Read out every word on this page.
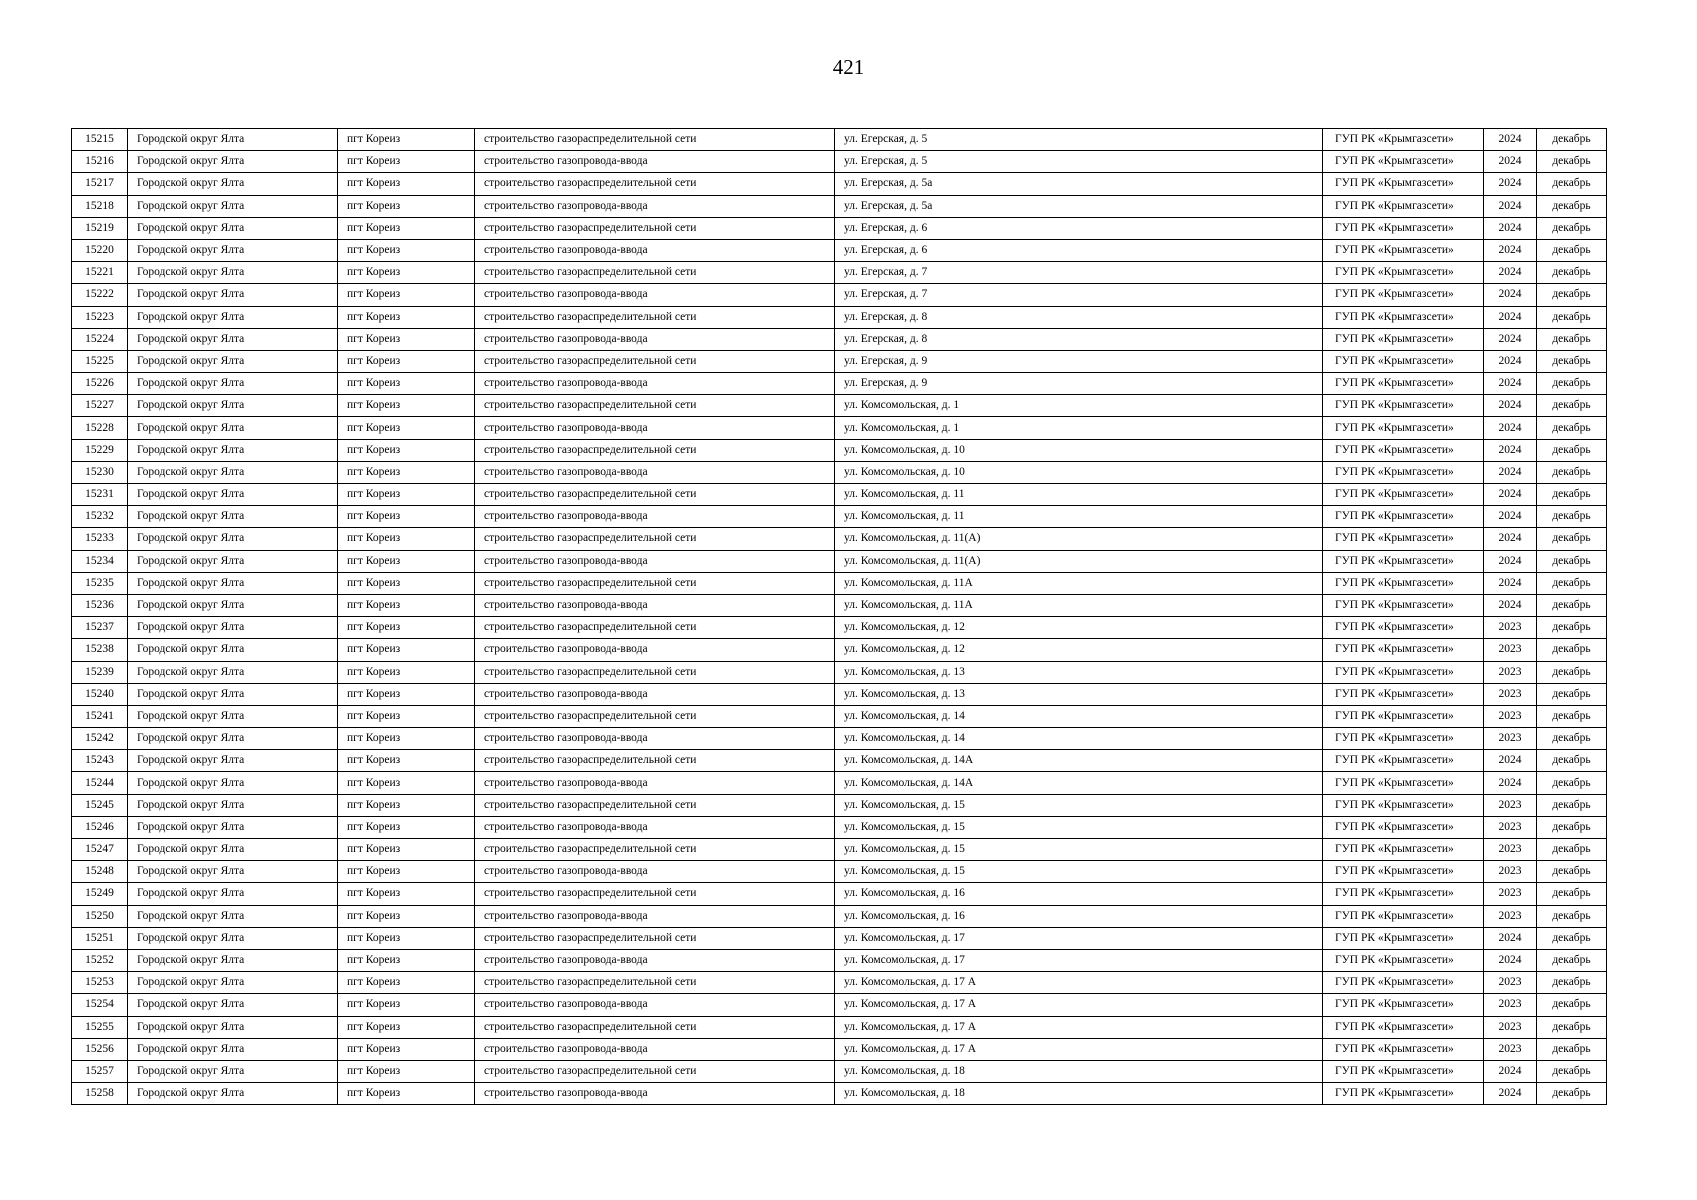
421
15215	Городской округ Ялта	пгт Кореиз	строительство газораспределительной сети	ул. Егерская, д. 5	ГУП РК «Крымгазсети»	2024	декабрь
15216	Городской округ Ялта	пгт Кореиз	строительство газопровода-ввода	ул. Егерская, д. 5	ГУП РК «Крымгазсети»	2024	декабрь
15217	Городской округ Ялта	пгт Кореиз	строительство газораспределительной сети	ул. Егерская, д. 5а	ГУП РК «Крымгазсети»	2024	декабрь
15218	Городской округ Ялта	пгт Кореиз	строительство газопровода-ввода	ул. Егерская, д. 5а	ГУП РК «Крымгазсети»	2024	декабрь
15219	Городской округ Ялта	пгт Кореиз	строительство газораспределительной сети	ул. Егерская, д. 6	ГУП РК «Крымгазсети»	2024	декабрь
15220	Городской округ Ялта	пгт Кореиз	строительство газопровода-ввода	ул. Егерская, д. 6	ГУП РК «Крымгазсети»	2024	декабрь
15221	Городской округ Ялта	пгт Кореиз	строительство газораспределительной сети	ул. Егерская, д. 7	ГУП РК «Крымгазсети»	2024	декабрь
15222	Городской округ Ялта	пгт Кореиз	строительство газопровода-ввода	ул. Егерская, д. 7	ГУП РК «Крымгазсети»	2024	декабрь
15223	Городской округ Ялта	пгт Кореиз	строительство газораспределительной сети	ул. Егерская, д. 8	ГУП РК «Крымгазсети»	2024	декабрь
15224	Городской округ Ялта	пгт Кореиз	строительство газопровода-ввода	ул. Егерская, д. 8	ГУП РК «Крымгазсети»	2024	декабрь
15225	Городской округ Ялта	пгт Кореиз	строительство газораспределительной сети	ул. Егерская, д. 9	ГУП РК «Крымгазсети»	2024	декабрь
15226	Городской округ Ялта	пгт Кореиз	строительство газопровода-ввода	ул. Егерская, д. 9	ГУП РК «Крымгазсети»	2024	декабрь
15227	Городской округ Ялта	пгт Кореиз	строительство газораспределительной сети	ул. Комсомольская, д. 1	ГУП РК «Крымгазсети»	2024	декабрь
15228	Городской округ Ялта	пгт Кореиз	строительство газопровода-ввода	ул. Комсомольская, д. 1	ГУП РК «Крымгазсети»	2024	декабрь
15229	Городской округ Ялта	пгт Кореиз	строительство газораспределительной сети	ул. Комсомольская, д. 10	ГУП РК «Крымгазсети»	2024	декабрь
15230	Городской округ Ялта	пгт Кореиз	строительство газопровода-ввода	ул. Комсомольская, д. 10	ГУП РК «Крымгазсети»	2024	декабрь
15231	Городской округ Ялта	пгт Кореиз	строительство газораспределительной сети	ул. Комсомольская, д. 11	ГУП РК «Крымгазсети»	2024	декабрь
15232	Городской округ Ялта	пгт Кореиз	строительство газопровода-ввода	ул. Комсомольская, д. 11	ГУП РК «Крымгазсети»	2024	декабрь
15233	Городской округ Ялта	пгт Кореиз	строительство газораспределительной сети	ул. Комсомольская, д. 11(А)	ГУП РК «Крымгазсети»	2024	декабрь
15234	Городской округ Ялта	пгт Кореиз	строительство газопровода-ввода	ул. Комсомольская, д. 11(А)	ГУП РК «Крымгазсети»	2024	декабрь
15235	Городской округ Ялта	пгт Кореиз	строительство газораспределительной сети	ул. Комсомольская, д. 11А	ГУП РК «Крымгазсети»	2024	декабрь
15236	Городской округ Ялта	пгт Кореиз	строительство газопровода-ввода	ул. Комсомольская, д. 11А	ГУП РК «Крымгазсети»	2024	декабрь
15237	Городской округ Ялта	пгт Кореиз	строительство газораспределительной сети	ул. Комсомольская, д. 12	ГУП РК «Крымгазсети»	2023	декабрь
15238	Городской округ Ялта	пгт Кореиз	строительство газопровода-ввода	ул. Комсомольская, д. 12	ГУП РК «Крымгазсети»	2023	декабрь
15239	Городской округ Ялта	пгт Кореиз	строительство газораспределительной сети	ул. Комсомольская, д. 13	ГУП РК «Крымгазсети»	2023	декабрь
15240	Городской округ Ялта	пгт Кореиз	строительство газопровода-ввода	ул. Комсомольская, д. 13	ГУП РК «Крымгазсети»	2023	декабрь
15241	Городской округ Ялта	пгт Кореиз	строительство газораспределительной сети	ул. Комсомольская, д. 14	ГУП РК «Крымгазсети»	2023	декабрь
15242	Городской округ Ялта	пгт Кореиз	строительство газопровода-ввода	ул. Комсомольская, д. 14	ГУП РК «Крымгазсети»	2023	декабрь
15243	Городской округ Ялта	пгт Кореиз	строительство газораспределительной сети	ул. Комсомольская, д. 14А	ГУП РК «Крымгазсети»	2024	декабрь
15244	Городской округ Ялта	пгт Кореиз	строительство газопровода-ввода	ул. Комсомольская, д. 14А	ГУП РК «Крымгазсети»	2024	декабрь
15245	Городской округ Ялта	пгт Кореиз	строительство газораспределительной сети	ул. Комсомольская, д. 15	ГУП РК «Крымгазсети»	2023	декабрь
15246	Городской округ Ялта	пгт Кореиз	строительство газопровода-ввода	ул. Комсомольская, д. 15	ГУП РК «Крымгазсети»	2023	декабрь
15247	Городской округ Ялта	пгт Кореиз	строительство газораспределительной сети	ул. Комсомольская, д. 15	ГУП РК «Крымгазсети»	2023	декабрь
15248	Городской округ Ялта	пгт Кореиз	строительство газопровода-ввода	ул. Комсомольская, д. 15	ГУП РК «Крымгазсети»	2023	декабрь
15249	Городской округ Ялта	пгт Кореиз	строительство газораспределительной сети	ул. Комсомольская, д. 16	ГУП РК «Крымгазсети»	2023	декабрь
15250	Городской округ Ялта	пгт Кореиз	строительство газопровода-ввода	ул. Комсомольская, д. 16	ГУП РК «Крымгазсети»	2023	декабрь
15251	Городской округ Ялта	пгт Кореиз	строительство газораспределительной сети	ул. Комсомольская, д. 17	ГУП РК «Крымгазсети»	2024	декабрь
15252	Городской округ Ялта	пгт Кореиз	строительство газопровода-ввода	ул. Комсомольская, д. 17	ГУП РК «Крымгазсети»	2024	декабрь
15253	Городской округ Ялта	пгт Кореиз	строительство газораспределительной сети	ул. Комсомольская, д. 17 А	ГУП РК «Крымгазсети»	2023	декабрь
15254	Городской округ Ялта	пгт Кореиз	строительство газопровода-ввода	ул. Комсомольская, д. 17 А	ГУП РК «Крымгазсети»	2023	декабрь
15255	Городской округ Ялта	пгт Кореиз	строительство газораспределительной сети	ул. Комсомольская, д. 17 А	ГУП РК «Крымгазсети»	2023	декабрь
15256	Городской округ Ялта	пгт Кореиз	строительство газопровода-ввода	ул. Комсомольская, д. 17 А	ГУП РК «Крымгазсети»	2023	декабрь
15257	Городской округ Ялта	пгт Кореиз	строительство газораспределительной сети	ул. Комсомольская, д. 18	ГУП РК «Крымгазсети»	2024	декабрь
15258	Городской округ Ялта	пгт Кореиз	строительство газопровода-ввода	ул. Комсомольская, д. 18	ГУП РК «Крымгазсети»	2024	декабрь
